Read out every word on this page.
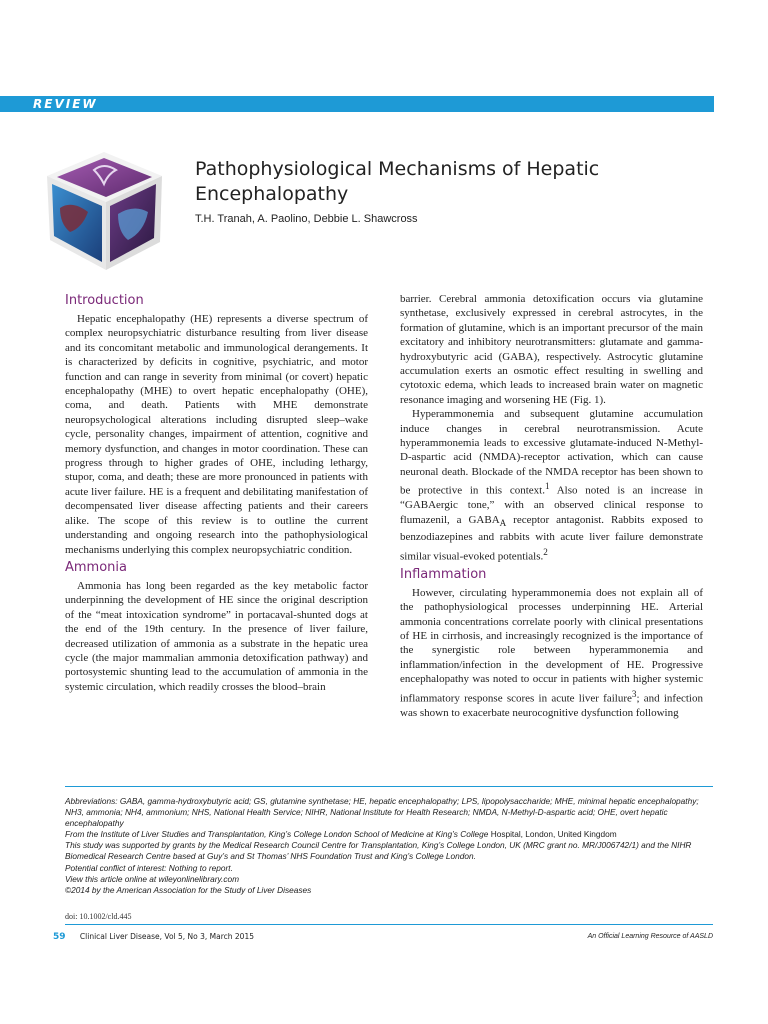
REVIEW
Pathophysiological Mechanisms of Hepatic Encephalopathy
T.H. Tranah, A. Paolino, Debbie L. Shawcross
Introduction

Hepatic encephalopathy (HE) represents a diverse spectrum of complex neuropsychiatric disturbance resulting from liver disease and its concomitant metabolic and immunological derangements. It is characterized by deficits in cognitive, psychiatric, and motor function and can range in severity from minimal (or covert) hepatic encephalopathy (MHE) to overt hepatic encephalopathy (OHE), coma, and death. Patients with MHE demonstrate neuropsychological alterations including disrupted sleep–wake cycle, personality changes, impairment of attention, cognitive and memory dysfunction, and changes in motor coordination. These can progress through to higher grades of OHE, including lethargy, stupor, coma, and death; these are more pronounced in patients with acute liver failure. HE is a frequent and debilitating manifestation of decompensated liver disease affecting patients and their careers alike. The scope of this review is to outline the current understanding and ongoing research into the pathophysiological mechanisms underlying this complex neuropsychiatric condition.

Ammonia

Ammonia has long been regarded as the key metabolic factor underpinning the development of HE since the original description of the “meat intoxication syndrome” in portacaval-shunted dogs at the end of the 19th century. In the presence of liver failure, decreased utilization of ammonia as a substrate in the hepatic urea cycle (the major mammalian ammonia detoxification pathway) and portosystemic shunting lead to the accumulation of ammonia in the systemic circulation, which readily crosses the blood–brain

barrier. Cerebral ammonia detoxification occurs via glutamine synthetase, exclusively expressed in cerebral astrocytes, in the formation of glutamine, which is an important precursor of the main excitatory and inhibitory neurotransmitters: glutamate and gamma-hydroxybutyric acid (GABA), respectively. Astrocytic glutamine accumulation exerts an osmotic effect resulting in swelling and cytotoxic edema, which leads to increased brain water on magnetic resonance imaging and worsening HE (Fig. 1).

Hyperammonemia and subsequent glutamine accumulation induce changes in cerebral neurotransmission. Acute hyperammonemia leads to excessive glutamate-induced N-Methyl-D-aspartic acid (NMDA)-receptor activation, which can cause neuronal death. Blockade of the NMDA receptor has been shown to be protective in this context.$^1$ Also noted is an increase in “GABAergic tone,” with an observed clinical response to flumazenil, a $GABA_A$ receptor antagonist. Rabbits exposed to benzodiazepines and rabbits with acute liver failure demonstrate similar visual-evoked potentials.$^2$

Inflammation

However, circulating hyperammonemia does not explain all of the pathophysiological processes underpinning HE. Arterial ammonia concentrations correlate poorly with clinical presentations of HE in cirrhosis, and increasingly recognized is the importance of the synergistic role between hyperammonemia and inflammation/infection in the development of HE. Progressive encephalopathy was noted to occur in patients with higher systemic inflammatory response scores in acute liver failure$^3$; and infection was shown to exacerbate neurocognitive dysfunction following

Abbreviations: GABA, gamma-hydroxybutyric acid; GS, glutamine synthetase; HE, hepatic encephalopathy; LPS, lipopolysaccharide; MHE, minimal hepatic encephalopathy; NH3, ammonia; NH4, ammonium; NHS, National Health Service; NIHR, National Institute for Health Research; NMDA, N-Methyl-D-aspartic acid; OHE, overt hepatic encephalopathy
From the Institute of Liver Studies and Transplantation, King’s College London School of Medicine at King’s College Hospital, London, United Kingdom
This study was supported by grants by the Medical Research Council Centre for Transplantation, King’s College London, UK (MRC grant no. MR/J006742/1) and the NIHR Biomedical Research Centre based at Guy’s and St Thomas’ NHS Foundation Trust and King’s College London.
Potential conflict of interest: Nothing to report.
View this article online at wileyonlinelibrary.com
©2014 by the American Association for the Study of Liver Diseases
doi: 10.1002/cld.445
59 Clinical Liver Disease, Vol 5, No 3, March 2015	An Official Learning Resource of AASLD
